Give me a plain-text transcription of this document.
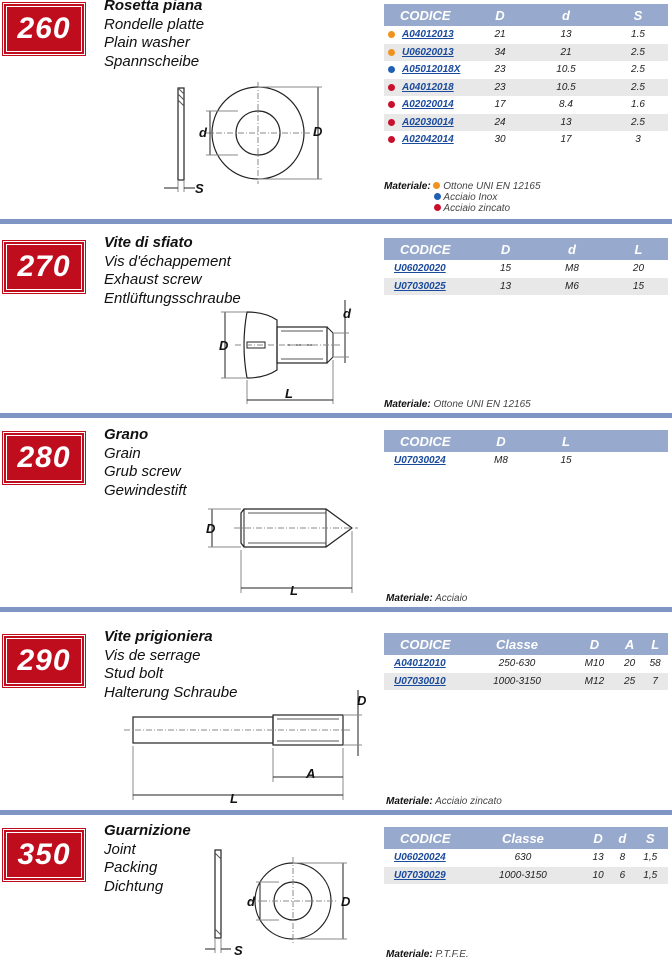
260
Rosetta piana
Rondelle platte
Plain washer
Spannscheibe
CODICE	D	d	S

A04012013	21	13	1.5

U06020013	34	21	2.5

A05012018X	23	10.5	2.5

A04012018	23	10.5	2.5

A02020014	17	8.4	1.6

A02030014	24	13	2.5

A02042014	30	17	3
Materiale: Ottone UNI EN 12165
Acciaio Inox
Acciaio zincato
d	D
S
270
Vite di sfiato
Vis d'échappement
Exhaust screw
Entlüftungsschraube
CODICE	D	d	L
U06020020	15	M8	20
U07030025	13	M6	15
D
d
L
Materiale: Ottone UNI EN 12165
280
Grano
Grain
Grub screw
Gewindestift
CODICE	D	L	
U07030024	M8	15	
D
L
Materiale: Acciaio
290
Vite prigioniera
Vis de serrage
Stud bolt
Halterung Schraube
CODICE	Classe	D	A	L
A04012010	250-630	M10	20	58
U07030010	1000-3150	M12	25	7
D
A
L	Materiale: Acciaio zincato
350
Guarnizione
Joint
Packing
Dichtung
CODICE	Classe	D	d	S
U06020024	630	13	8	1,5
U07030029	1000-3150	10	6	1,5
d	D
S	Materiale: P.T.F.E.
